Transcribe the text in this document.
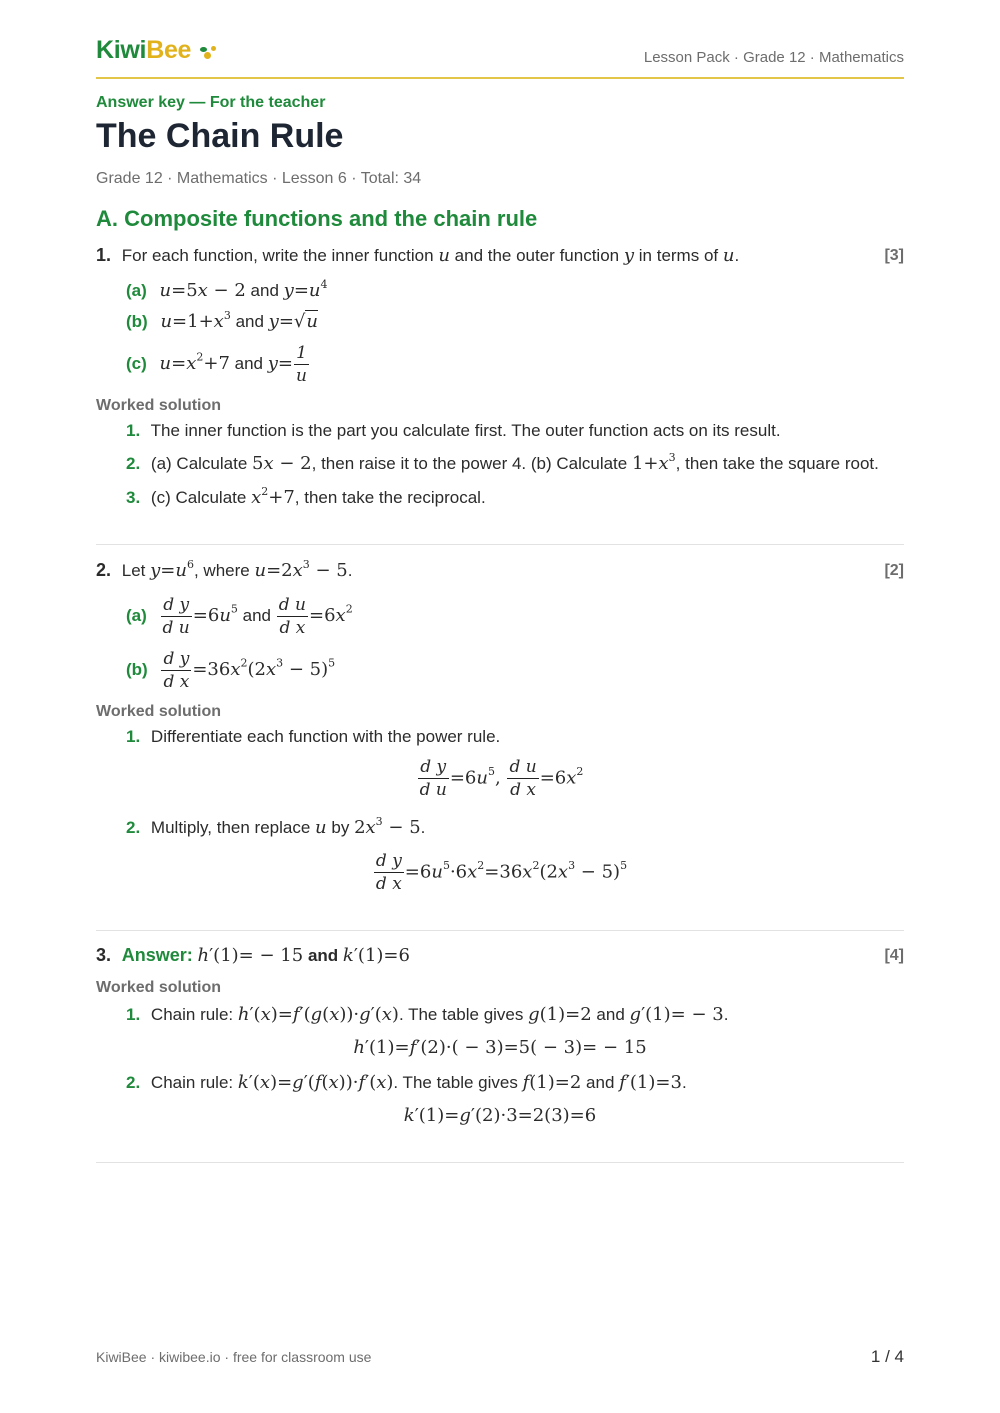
KiwiBee	Lesson Pack · Grade 12 · Mathematics
Answer key — For the teacher
The Chain Rule
Grade 12 · Mathematics · Lesson 6 · Total: 34
A. Composite functions and the chain rule
1. For each function, write the inner function u and the outer function y in terms of u.	[3]
(a) u=5x − 2 and $y=u^4$
(b) $u=1+x^3$ and y=√u
(c) $u=x^2+7$ and $y= \frac{1}{u}$
Worked solution
1. The inner function is the part you calculate first. The outer function acts on its result.
2. (a) Calculate 5x − 2, then raise it to the power 4. (b) Calculate $1+x^3$, then take the square root.
3. (c) Calculate $x^2+7$, then take the reciprocal.
2. Let $y=u^6$, where $u=2x^3 - 5$.	[2]
$(a) \frac{\text{d y}}{\text{d u}} =6u^5$ and $\frac{\text{d u}}{\text{d x}} =6x^2$
$(b) \frac{\text{d y}}{\text{d x}} =36x^2(2x^3 - 5)^5$
Worked solution
1. Differentiate each function with the power rule.
$\frac{\text{d y}}{\text{d u}} =6u^5$, $\frac{\text{d u}}{\text{d x}} =6x^2$
2. Multiply, then replace u by $2x^3 - 5$.
$\frac{\text{d y}}{\text{d x}} =6u^5\cdot 6x^2=36x^2(2x^3 - 5)^5$
3. Answer: h′(1)= − 15 and k′(1)=6	[4]
Worked solution
1. Chain rule: h′(x)=f′(g(x))·g′(x). The table gives g(1)=2 and g′(1)= − 3.
h′(1)=f′(2)·( − 3)=5( − 3)= − 15
2. Chain rule: k′(x)=g′(f(x))·f′(x). The table gives f(1)=2 and f′(1)=3.
k′(1)=g′(2)·3=2(3)=6
KiwiBee · kiwibee.io · free for classroom use	1 / 4
